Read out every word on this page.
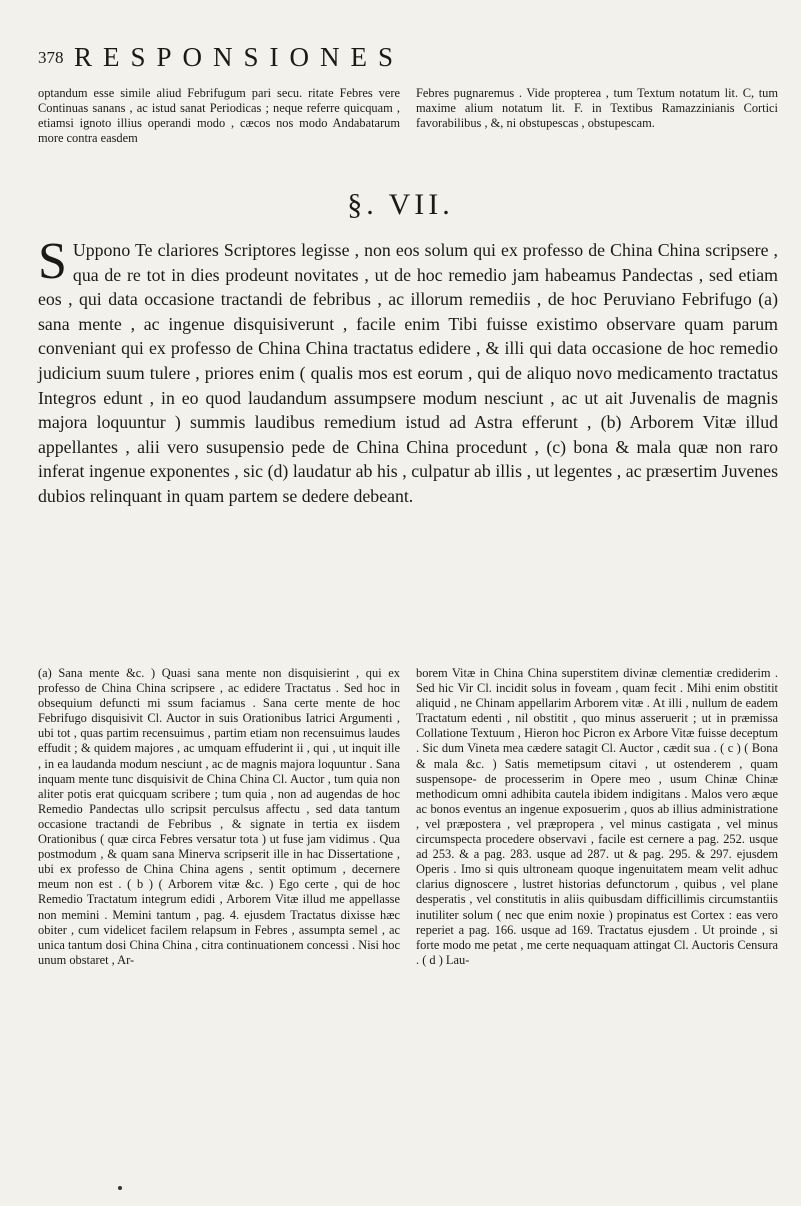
378 RESPONSIONES

optandum esse simile aliud Febrifugum pari secu. ritate Febres vere Continuas sanans , ac istud sanat Periodicas ; neque referre quicquam , etiamsi ignoto illius operandi modo , cæcos nos modo Andabatarum more contra easdem

Febres pugnaremus . Vide propterea , tum Textum notatum lit. C, tum maxime alium notatum lit. F. in Textibus Ramazzinianis Cortici favorabilibus , &, ni obstupescas , obstupescam.

§. VII.

S Uppono Te clariores Scriptores legisse , non eos solum qui ex professo de China China scripsere , qua de re tot in dies prodeunt novitates , ut de hoc remedio jam habeamus Pandectas , sed etiam eos , qui data occasione tractandi de febribus , ac illorum remediis , de hoc Peruviano Febrifugo (a) sana mente , ac ingenue disquisiverunt , facile enim Tibi fuisse existimo observare quam parum conveniant qui ex professo de China China tractatus edidere , & illi qui data occasione de hoc remedio judicium suum tulere , priores enim ( qualis mos est eorum , qui de aliquo novo medicamento tractatus Integros edunt , in eo quod laudandum assumpsere modum nesciunt , ac ut ait Juvenalis de magnis majora loquuntur ) summis laudibus remedium istud ad Astra efferunt , (b) Arborem Vitæ illud appellantes , alii vero susupensio pede de China China procedunt , (c) bona & mala quæ non raro inferat ingenue exponentes , sic (d) laudatur ab his , culpatur ab illis , ut legentes , ac præsertim Juvenes dubios relinquant in quam partem se dedere debeant.

(a) Sana mente &c. ) Quasi sana mente non disquisierint , qui ex professo de China China scripsere , ac edidere Tractatus . Sed hoc in obsequium defuncti mi ssum faciamus . Sana certe mente de hoc Febrifugo disquisivit Cl. Auctor in suis Orationibus Iatrici Argumenti , ubi tot , quas partim recensuimus , partim etiam non recensuimus laudes effudit ; & quidem majores , ac umquam effuderint ii , qui , ut inquit ille , in ea laudanda modum nesciunt , ac de magnis majora loquuntur . Sana inquam mente tunc disquisivit de China China Cl. Auctor , tum quia non aliter potis erat quicquam scribere ; tum quia , non ad augendas de hoc Remedio Pandectas ullo scripsit perculsus affectu , sed data tantum occasione tractandi de Febribus , & signate in tertia ex iisdem Orationibus ( quæ circa Febres versatur tota ) ut fuse jam vidimus . Qua postmodum , & quam sana Minerva scripserit ille in hac Dissertatione , ubi ex professo de China China agens , sentit optimum , decernere meum non est . ( b ) ( Arborem vitæ &c. ) Ego certe , qui de hoc Remedio Tractatum integrum edidi , Arborem Vitæ illud me appellasse non memini . Memini tantum , pag. 4. ejusdem Tractatus dixisse hæc obiter , cum videlicet facilem relapsum in Febres , assumpta semel , ac unica tantum dosi China China , citra continuationem concessi . Nisi hoc unum obstaret , Ar-

borem Vitæ in China China superstitem divinæ clementiæ crediderim . Sed hic Vir Cl. incidit solus in foveam , quam fecit . Mihi enim obstitit aliquid , ne Chinam appellarim Arborem vitæ . At illi , nullum de eadem Tractatum edenti , nil obstitit , quo minus asseruerit ; ut in præmissa Collatione Textuum , Hieron hoc Picron ex Arbore Vitæ fuisse deceptum . Sic dum Vineta mea cædere satagit Cl. Auctor , cædit sua . ( c ) ( Bona & mala &c. ) Satis memetipsum citavi , ut ostenderem , quam suspensope- de processerim in Opere meo , usum Chinæ Chinæ methodicum omni adhibita cautela ibidem indigitans . Malos vero æque ac bonos eventus an ingenue exposuerim , quos ab illius administratione , vel præpostera , vel præpropera , vel minus castigata , vel minus circumspecta procedere observavi , facile est cernere a pag. 252. usque ad 253. & a pag. 283. usque ad 287. ut & pag. 295. & 297. ejusdem Operis . Imo si quis ultroneam quoque ingenuitatem meam velit adhuc clarius dignoscere , lustret historias defunctorum , quibus , vel plane desperatis , vel constitutis in aliis quibusdam difficillimis circumstantiis inutiliter solum ( nec que enim noxie ) propinatus est Cortex : eas vero reperiet a pag. 166. usque ad 169. Tractatus ejusdem . Ut proinde , si forte modo me petat , me certe nequaquam attingat Cl. Auctoris Censura . ( d ) Lau-
